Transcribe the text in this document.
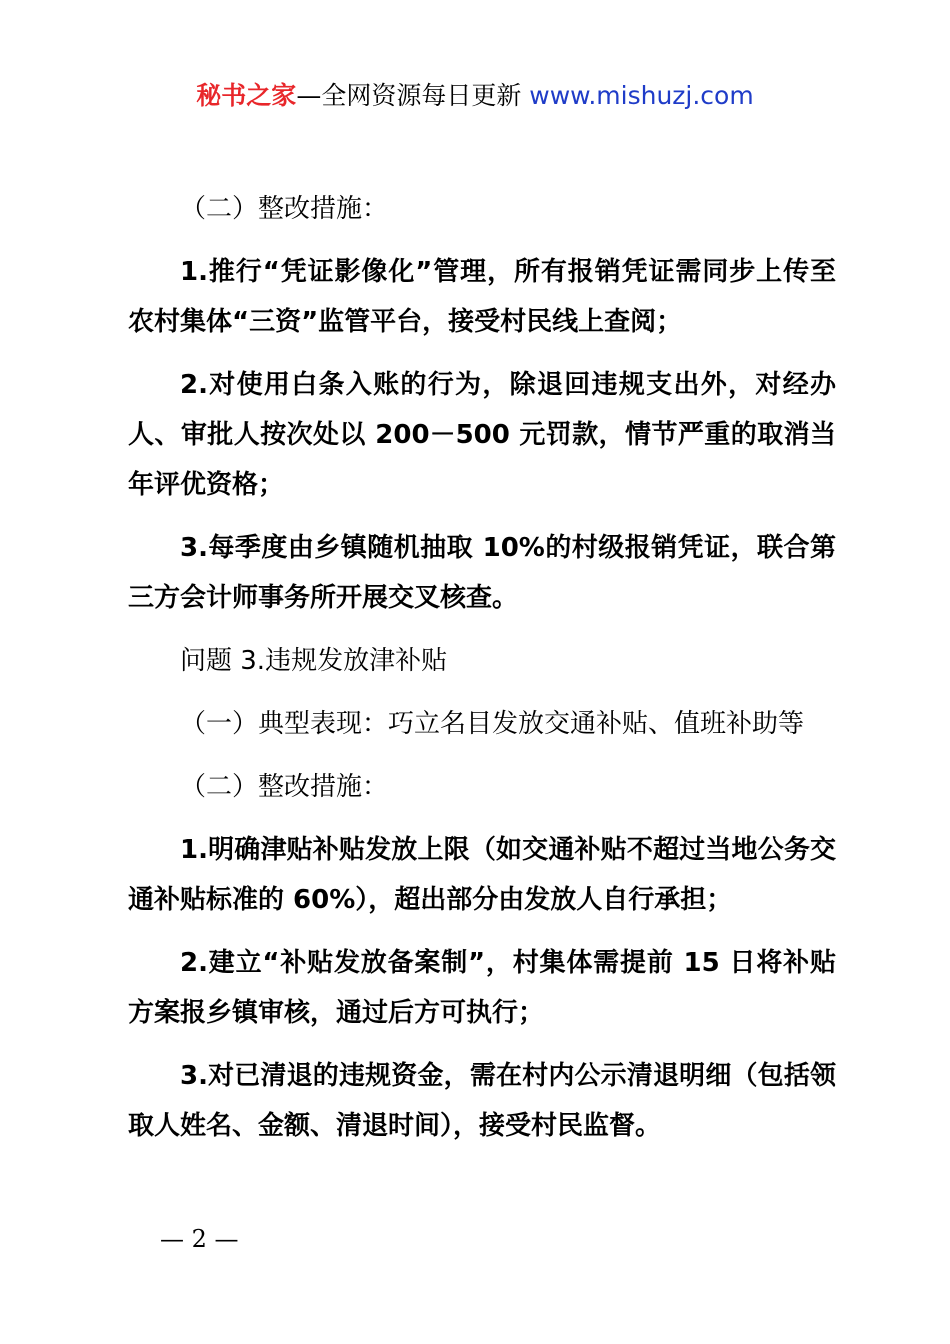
秘书之家—全网资源每日更新 www.mishuzj.com

（二）整改措施：

1.推行“凭证影像化”管理，所有报销凭证需同步上传至农村集体“三资”监管平台，接受村民线上查阅；

2.对使用白条入账的行为，除退回违规支出外，对经办人、审批人按次处以 200－500 元罚款，情节严重的取消当年评优资格；

3.每季度由乡镇随机抽取 10%的村级报销凭证，联合第三方会计师事务所开展交叉核查。

问题 3.违规发放津补贴

（一）典型表现：巧立名目发放交通补贴、值班补助等

（二）整改措施：

1.明确津贴补贴发放上限（如交通补贴不超过当地公务交通补贴标准的 60%），超出部分由发放人自行承担；

2.建立“补贴发放备案制”，村集体需提前 15 日将补贴方案报乡镇审核，通过后方可执行；

3.对已清退的违规资金，需在村内公示清退明细（包括领取人姓名、金额、清退时间），接受村民监督。

— 2 —
